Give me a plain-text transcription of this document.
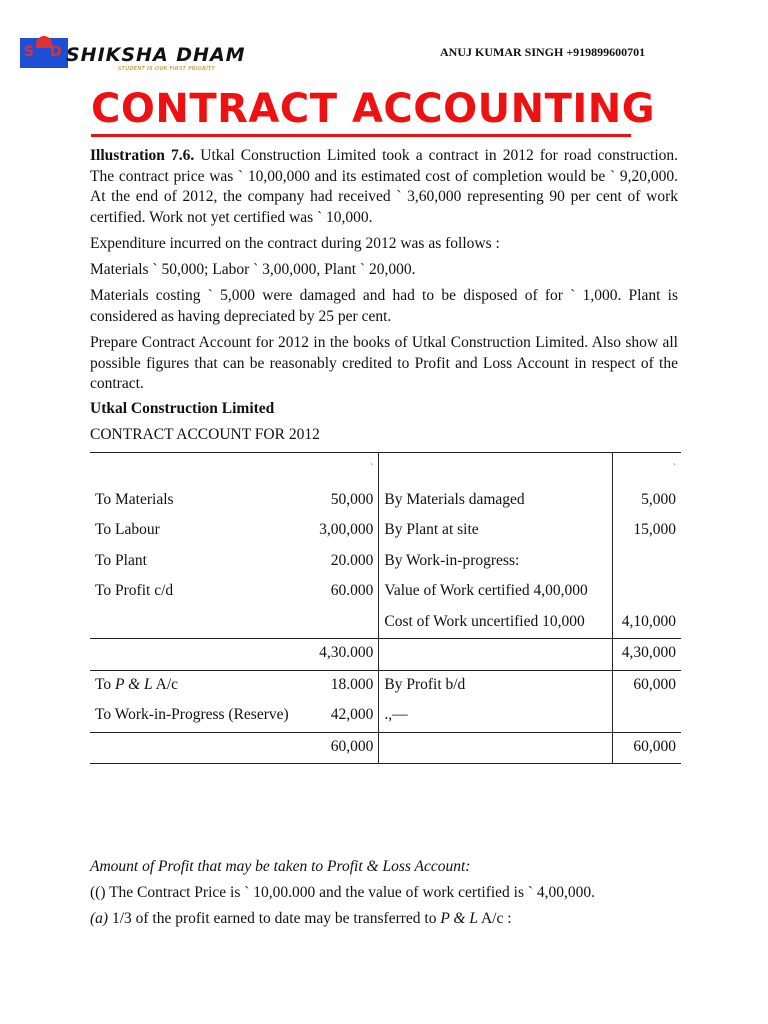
S D SHIKSHA DHAM
STUDENT IS OUR FIRST PRIORITY
ANUJ KUMAR SINGH +919899600701
CONTRACT ACCOUNTING
Illustration 7.6. Utkal Construction Limited took a contract in 2012 for road construction. The contract price was ` 10,00,000 and its estimated cost of completion would be ` 9,20,000. At the end of 2012, the company had received ` 3,60,000 representing 90 per cent of work certified. Work not yet certified was ` 10,000.
Expenditure incurred on the contract during 2012 was as follows :
Materials ` 50,000; Labor ` 3,00,000, Plant ` 20,000.
Materials costing ` 5,000 were damaged and had to be disposed of for ` 1,000. Plant is considered as having depreciated by 25 per cent.
Prepare Contract Account for 2012 in the books of Utkal Construction Limited. Also show all possible figures that can be reasonably credited to Profit and Loss Account in respect of the contract.
Utkal Construction Limited
CONTRACT ACCOUNT FOR 2012
	`		`
To Materials	50,000	By Materials damaged	5,000
To Labour	3,00,000	By Plant at site	15,000
To Plant	20.000	By Work-in-progress:	
To Profit c/d	60.000	Value of Work certified 4,00,000	
		Cost of Work uncertified 10,000	4,10,000
	4,30.000		4,30,000
To P & L A/c	18.000	By Profit b/d	60,000
To Work-in-Progress (Reserve)	42,000	.,—	
	60,000		60,000
Amount of Profit that may be taken to Profit & Loss Account:
(() The Contract Price is ` 10,00.000 and the value of work certified is ` 4,00,000.
(a) 1/3 of the profit earned to date may be transferred to P & L A/c :
